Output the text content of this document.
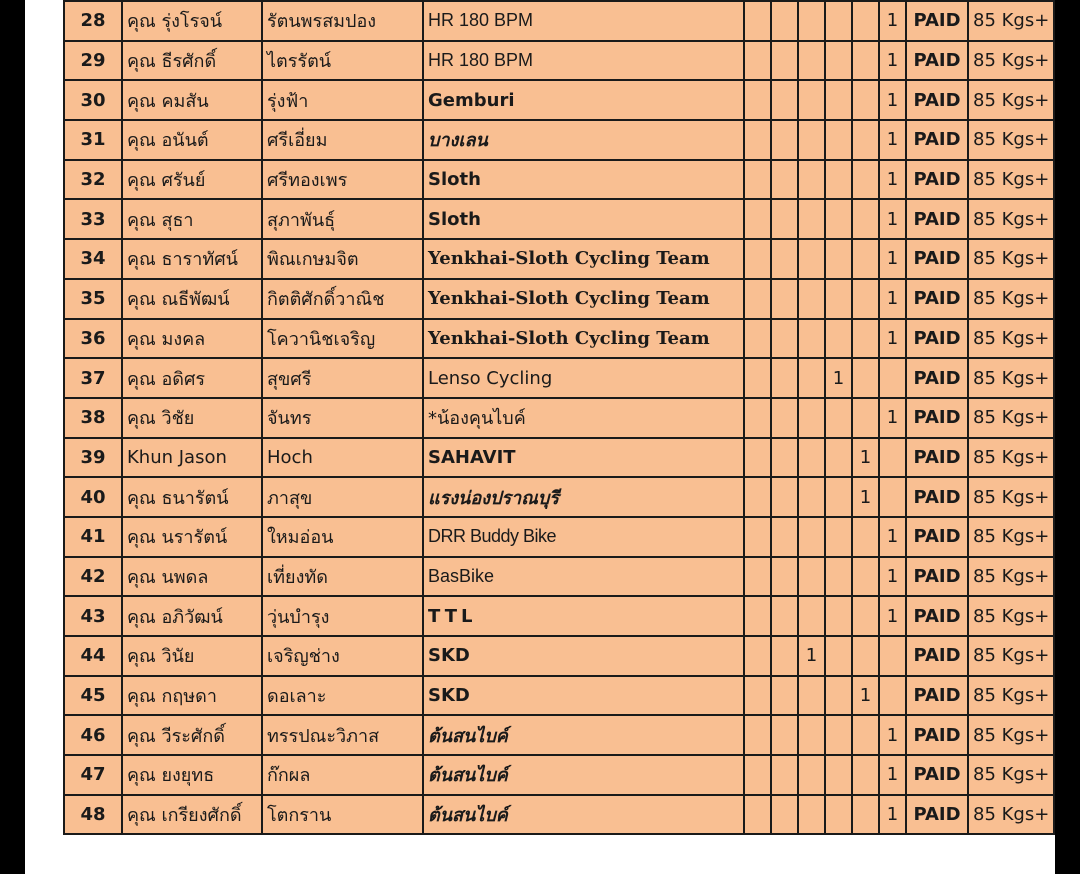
28	คุณ รุ่งโรจน์	รัตนพรสมปอง	HR 180 BPM						1	PAID	85 Kgs+
29	คุณ ธีรศักดิ์	ไตรรัตน์	HR 180 BPM						1	PAID	85 Kgs+
30	คุณ คมสัน	รุ่งฟ้า	Gemburi						1	PAID	85 Kgs+
31	คุณ อนันต์	ศรีเอี่ยม	บางเลน						1	PAID	85 Kgs+
32	คุณ ศรันย์	ศรีทองเพร	Sloth						1	PAID	85 Kgs+
33	คุณ สุธา	สุภาพันธุ์	Sloth						1	PAID	85 Kgs+
34	คุณ ธาราทัศน์	พิณเกษมจิต	Yenkhai-Sloth Cycling Team						1	PAID	85 Kgs+
35	คุณ ณธีพัฒน์	กิตติศักดิ์วาณิช	Yenkhai-Sloth Cycling Team						1	PAID	85 Kgs+
36	คุณ มงคล	โควานิชเจริญ	Yenkhai-Sloth Cycling Team						1	PAID	85 Kgs+
37	คุณ อดิศร	สุขศรี	Lenso Cycling				1			PAID	85 Kgs+
38	คุณ วิชัย	จันทร	*น้องคุนไบค์						1	PAID	85 Kgs+
39	Khun Jason	Hoch	SAHAVIT					1		PAID	85 Kgs+
40	คุณ ธนารัตน์	ภาสุข	แรงน่องปราณบุรี					1		PAID	85 Kgs+
41	คุณ นรารัตน์	ใหมอ่อน	DRR Buddy Bike						1	PAID	85 Kgs+
42	คุณ นพดล	เที่ยงทัด	BasBike						1	PAID	85 Kgs+
43	คุณ อภิวัฒน์	วุ่นบำรุง	TTL						1	PAID	85 Kgs+
44	คุณ วินัย	เจริญช่าง	SKD			1				PAID	85 Kgs+
45	คุณ กฤษดา	ดอเลาะ	SKD					1		PAID	85 Kgs+
46	คุณ วีระศักดิ์	ทรรปณะวิภาส	ต้นสนไบค์						1	PAID	85 Kgs+
47	คุณ ยงยุทธ	ก๊กผล	ต้นสนไบค์						1	PAID	85 Kgs+
48	คุณ เกรียงศักดิ์	โตกราน	ต้นสนไบค์						1	PAID	85 Kgs+
